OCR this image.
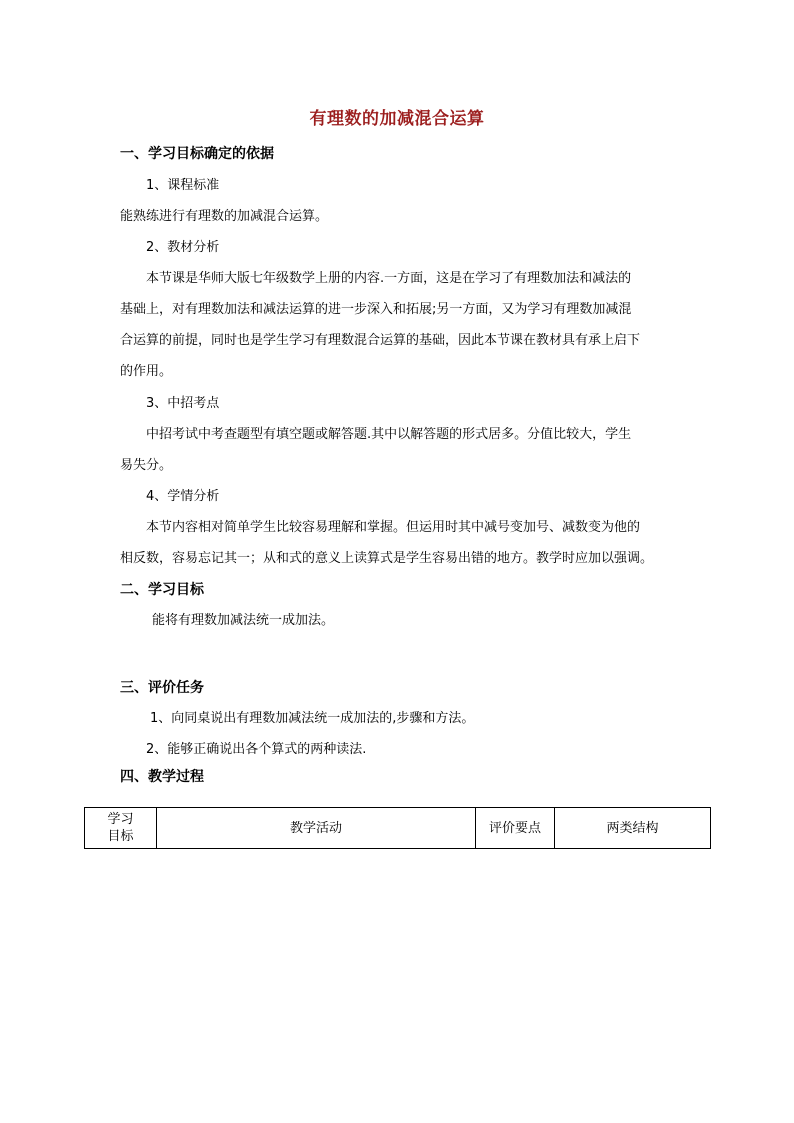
有理数的加减混合运算
一、学习目标确定的依据
1、课程标准
能熟练进行有理数的加减混合运算。
2、教材分析
本节课是华师大版七年级数学上册的内容.一方面，这是在学习了有理数加法和减法的
基础上，对有理数加法和减法运算的进一步深入和拓展;另一方面，又为学习有理数加减混
合运算的前提，同时也是学生学习有理数混合运算的基础，因此本节课在教材具有承上启下
的作用。
3、中招考点
中招考试中考查题型有填空题或解答题.其中以解答题的形式居多。分值比较大，学生
易失分。
4、学情分析
本节内容相对简单学生比较容易理解和掌握。但运用时其中减号变加号、减数变为他的
相反数，容易忘记其一；从和式的意义上读算式是学生容易出错的地方。教学时应加以强调。
二、学习目标
能将有理数加减法统一成加法。
三、评价任务
1、向同桌说出有理数加减法统一成加法的,步骤和方法。
2、能够正确说出各个算式的两种读法.
四、教学过程
学习
目标	教学活动	评价要点	两类结构
